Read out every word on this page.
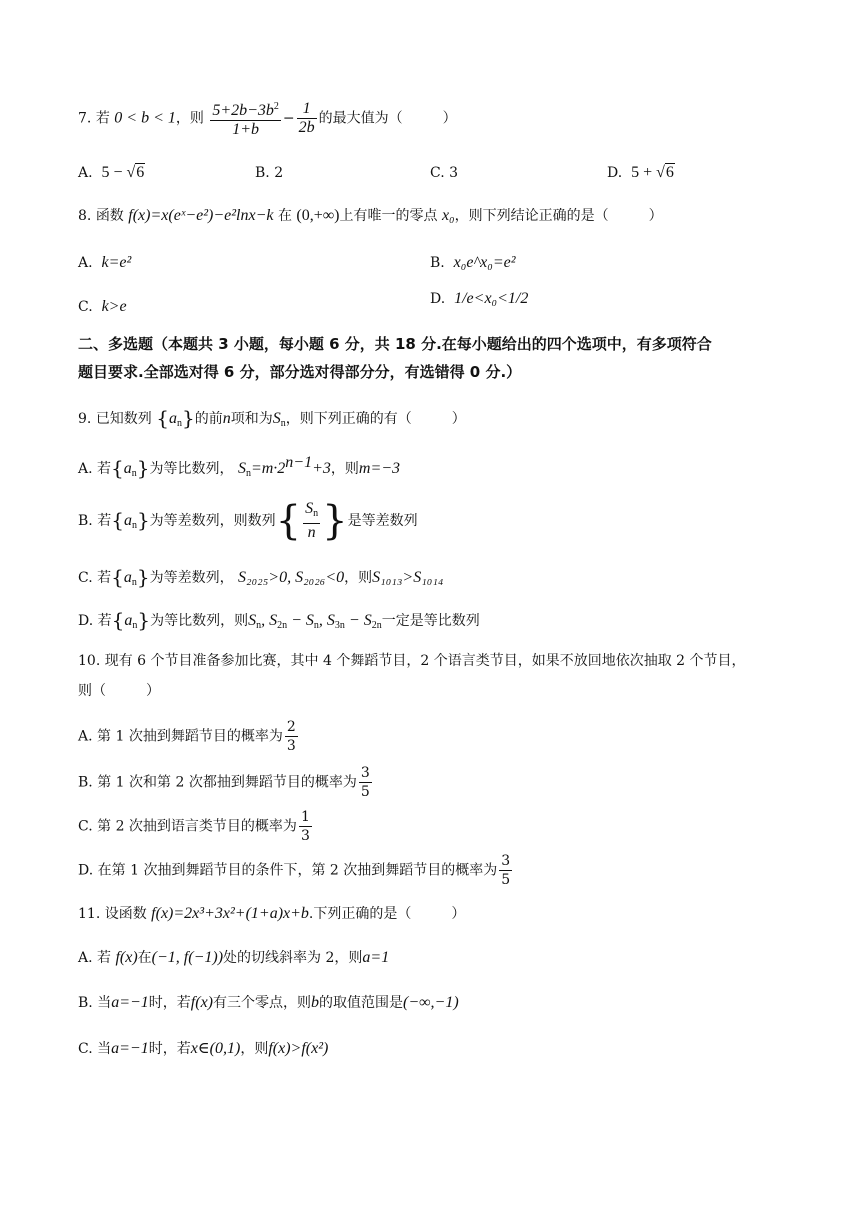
7. 若 0 < b < 1，则 $\frac{5+2b-3b^2}{1+b} - \frac{1}{2b}$ 的最大值为（	）
A. 5 − √6	B. 2	C. 3	D. 5 + √6
8. 函数 f(x)=x(eˣ−e²)−e²lnx−k 在 (0,+∞)上有唯一的零点 x₀，则下列结论正确的是（	）
A. k=e²	B. x₀e^x₀=e²
C. k>e	D. 1/e<x₀<1/2
二、多选题（本题共 3 小题，每小题 6 分，共 18 分.在每小题给出的四个选项中，有多项符合
题目要求.全部选对得 6 分，部分选对得部分分，有选错得 0 分.）
9. 已知数列 $\{a_n\}$的前n项和为$S_n$，则下列正确的有（	）
A. 若$\{a_n\}$为等比数列， $S_n=m\cdot 2^{n-1}+3$，则m=−3
B. 若$\{a_n\}$为等差数列，则数列{ $\frac{S_n}{n}$ }是等差数列
C. 若$\{a_n\}$为等差数列， S₂₀₂₅>0, S₂₀₂₆<0，则S₁₀₁₃>S₁₀₁₄
D. 若$\{a_n\}$为等比数列，则$S_n$, $S_{2n} - S_n$, $S_{3n} - S_{2n}$一定是等比数列
10. 现有 6 个节目准备参加比赛，其中 4 个舞蹈节目，2 个语言类节目，如果不放回地依次抽取 2 个节目，
则（	）
A. 第 1 次抽到舞蹈节目的概率为 $\frac{2}{3}$
B. 第 1 次和第 2 次都抽到舞蹈节目的概率为 $\frac{3}{5}$
C. 第 2 次抽到语言类节目的概率为 $\frac{1}{3}$
D. 在第 1 次抽到舞蹈节目的条件下，第 2 次抽到舞蹈节目的概率为 $\frac{3}{5}$
11. 设函数 f(x)=2x³+3x²+(1+a)x+b.下列正确的是（	）
A. 若 f(x)在(−1, f(−1))处的切线斜率为 2，则a=1
B. 当a=−1时，若f(x)有三个零点，则b的取值范围是(−∞,−1)
C. 当a=−1时，若x∈(0,1)，则f(x)>f(x²)
